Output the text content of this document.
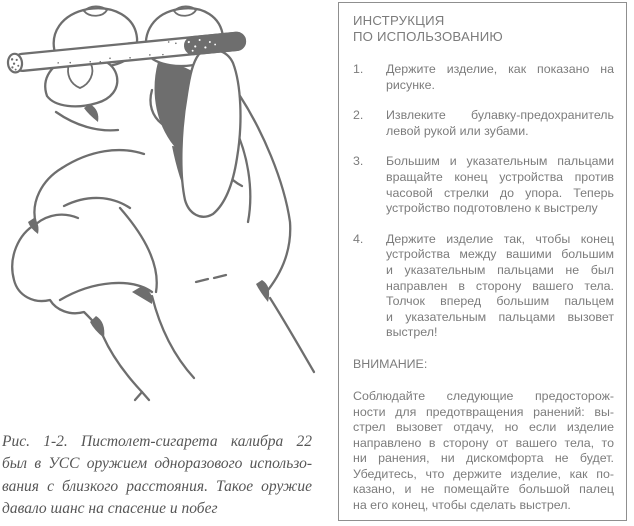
Рис. 1-2. Пистолет-сигарета калибра 22
был в УСС оружием одноразового использо-
вания с близкого расстояния. Такое оружие
давало шанс на спасение и побег
ИНСТРУКЦИЯ
ПО ИСПОЛЬЗОВАНИЮ
1.	Держите изделие, как показано на
рисунке.
2.	Извлеките булавку-предохранитель
левой рукой или зубами.
3.	Большим и указательным пальцами
вращайте конец устройства против
часовой стрелки до упора. Теперь
устройство подготовлено к выстрелу
4.	Держите изделие так, чтобы конец
устройства между вашими большим
и указательным пальцами не был
направлен в сторону вашего тела.
Толчок вперед большим пальцем
и указательным пальцами вызовет
выстрел!
ВНИМАНИЕ:
Соблюдайте следующие предосторож-
ности для предотвращения ранений: вы-
стрел вызовет отдачу, но если изделие
направлено в сторону от вашего тела, то
ни ранения, ни дискомфорта не будет.
Убедитесь, что держите изделие, как по-
казано, и не помещайте большой палец
на его конец, чтобы сделать выстрел.
